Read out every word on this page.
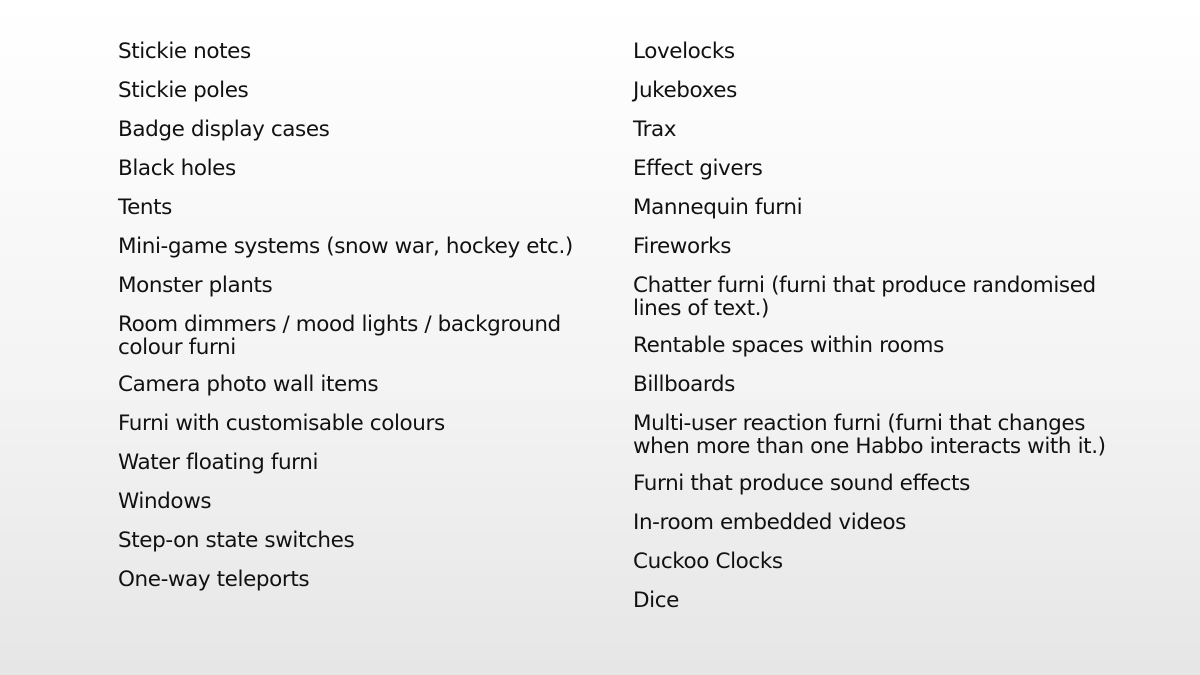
Stickie notes
Stickie poles
Badge display cases
Black holes
Tents
Mini-game systems (snow war, hockey etc.)
Monster plants
Room dimmers / mood lights / background colour furni
Camera photo wall items
Furni with customisable colours
Water floating furni
Windows
Step-on state switches
One-way teleports
Lovelocks
Jukeboxes
Trax
Effect givers
Mannequin furni
Fireworks
Chatter furni (furni that produce randomised lines of text.)
Rentable spaces within rooms
Billboards
Multi-user reaction furni (furni that changes when more than one Habbo interacts with it.)
Furni that produce sound effects
In-room embedded videos
Cuckoo Clocks
Dice
